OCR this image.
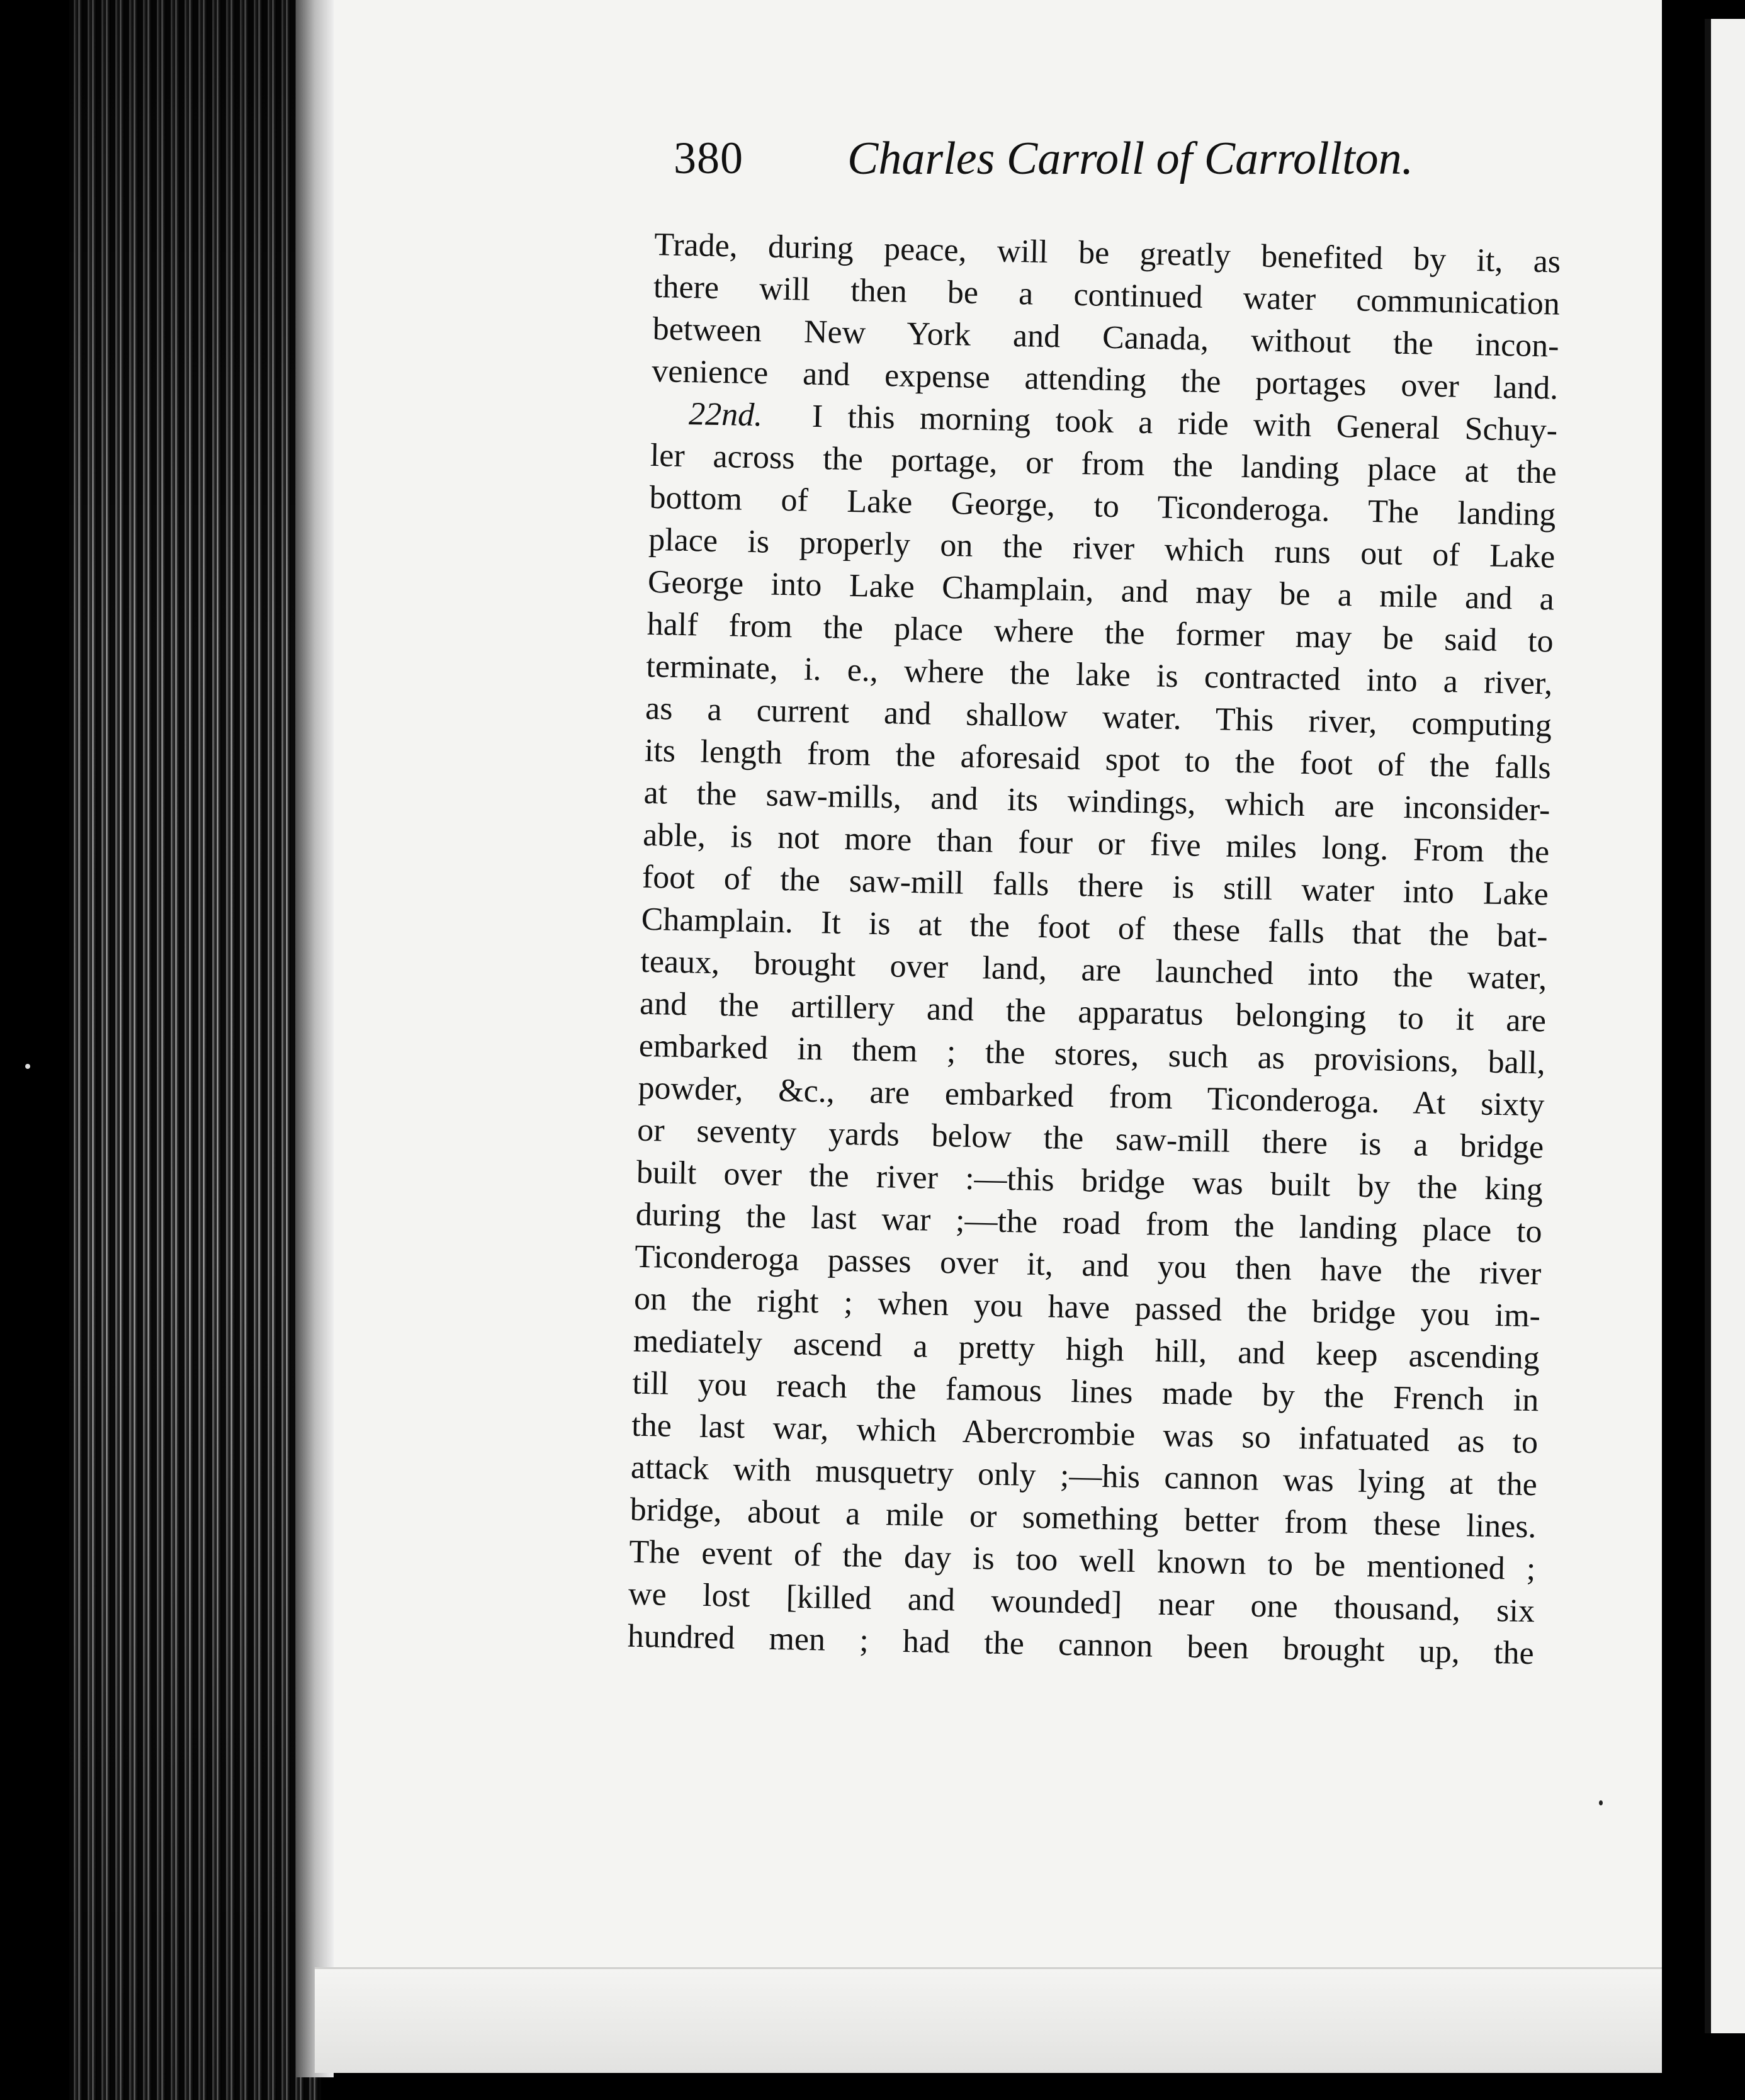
380 Charles Carroll of Carrollton.
Trade, during peace, will be greatly benefited by it, as
there will then be a continued water communication
between New York and Canada, without the incon-
venience and expense attending the portages over land.
22nd. I this morning took a ride with General Schuy-
ler across the portage, or from the landing place at the
bottom of Lake George, to Ticonderoga. The landing
place is properly on the river which runs out of Lake
George into Lake Champlain, and may be a mile and a
half from the place where the former may be said to
terminate, i. e., where the lake is contracted into a river,
as a current and shallow water. This river, computing
its length from the aforesaid spot to the foot of the falls
at the saw-mills, and its windings, which are inconsider-
able, is not more than four or five miles long. From the
foot of the saw-mill falls there is still water into Lake
Champlain. It is at the foot of these falls that the bat-
teaux, brought over land, are launched into the water,
and the artillery and the apparatus belonging to it are
embarked in them ; the stores, such as provisions, ball,
powder, &c., are embarked from Ticonderoga. At sixty
or seventy yards below the saw-mill there is a bridge
built over the river :—this bridge was built by the king
during the last war ;—the road from the landing place to
Ticonderoga passes over it, and you then have the river
on the right ; when you have passed the bridge you im-
mediately ascend a pretty high hill, and keep ascending
till you reach the famous lines made by the French in
the last war, which Abercrombie was so infatuated as to
attack with musquetry only ;—his cannon was lying at the
bridge, about a mile or something better from these lines.
The event of the day is too well known to be mentioned ;
we lost [killed and wounded] near one thousand, six
hundred men ; had the cannon been brought up, the
